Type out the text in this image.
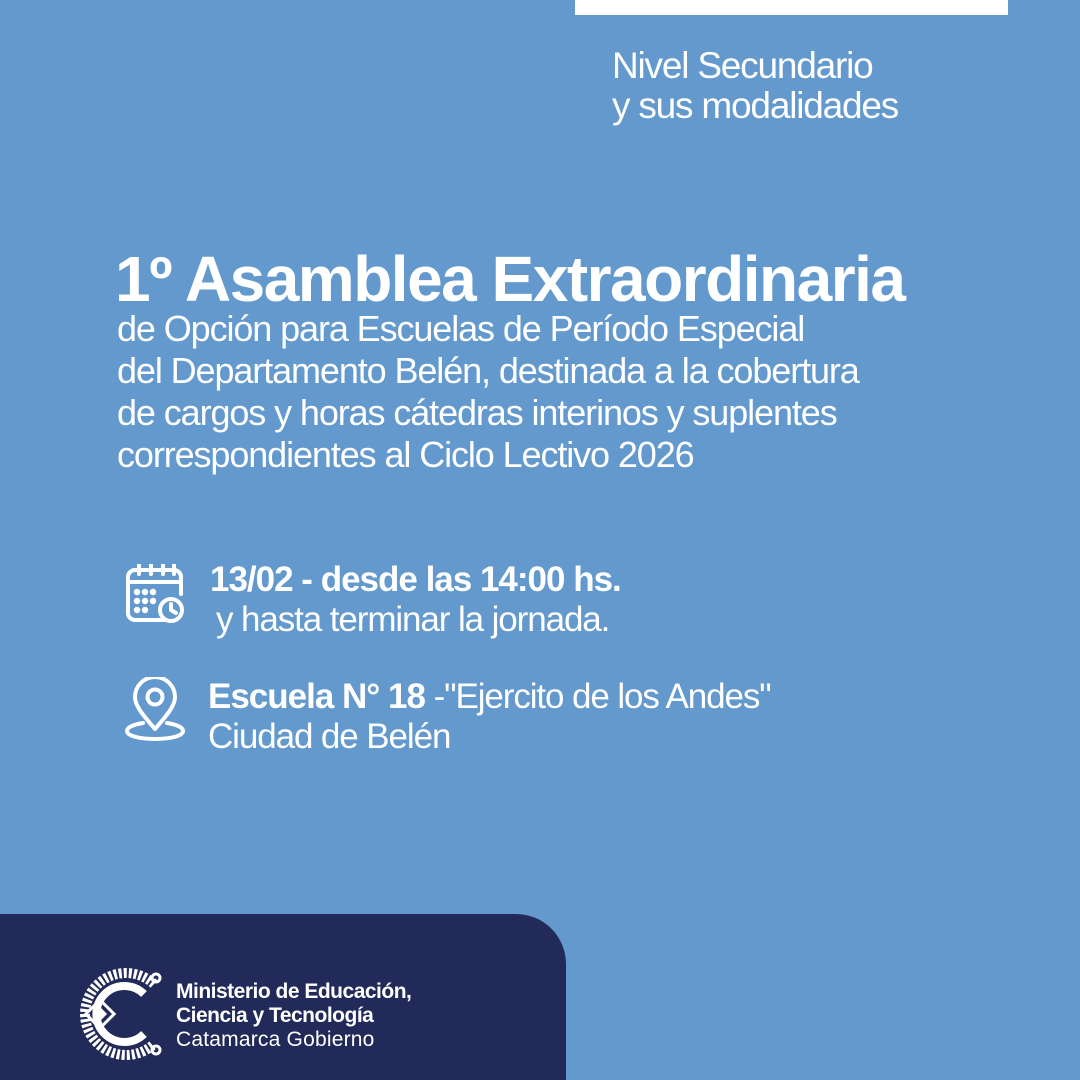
Nivel Secundario
y sus modalidades
1º Asamblea Extraordinaria
de Opción para Escuelas de Período Especial
del Departamento Belén, destinada a la cobertura
de cargos y horas cátedras interinos y suplentes
correspondientes al Ciclo Lectivo 2026
13/02 - desde las 14:00 hs.
y hasta terminar la jornada.
Escuela N° 18 -"Ejercito de los Andes"
Ciudad de Belén
Ministerio de Educación,
Ciencia y Tecnología
Catamarca Gobierno
